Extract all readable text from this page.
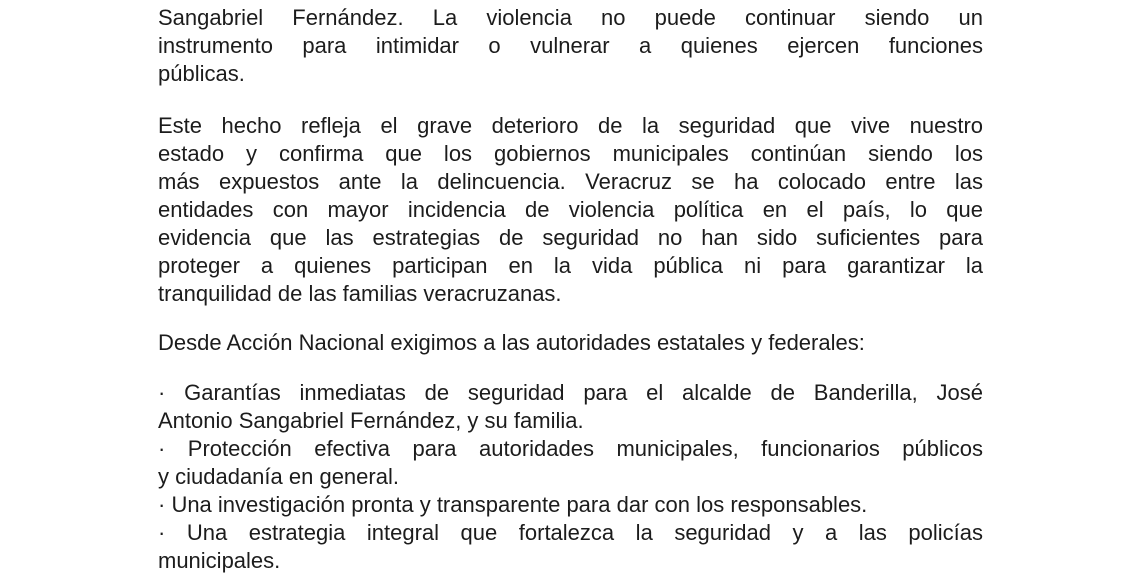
Sangabriel Fernández. La violencia no puede continuar siendo un
instrumento para intimidar o vulnerar a quienes ejercen funciones
públicas.
Este hecho refleja el grave deterioro de la seguridad que vive nuestro
estado y confirma que los gobiernos municipales continúan siendo los
más expuestos ante la delincuencia. Veracruz se ha colocado entre las
entidades con mayor incidencia de violencia política en el país, lo que
evidencia que las estrategias de seguridad no han sido suficientes para
proteger a quienes participan en la vida pública ni para garantizar la
tranquilidad de las familias veracruzanas.
Desde Acción Nacional exigimos a las autoridades estatales y federales:
· Garantías inmediatas de seguridad para el alcalde de Banderilla, José
Antonio Sangabriel Fernández, y su familia.
· Protección efectiva para autoridades municipales, funcionarios públicos
y ciudadanía en general.
· Una investigación pronta y transparente para dar con los responsables.
· Una estrategia integral que fortalezca la seguridad y a las policías
municipales.
